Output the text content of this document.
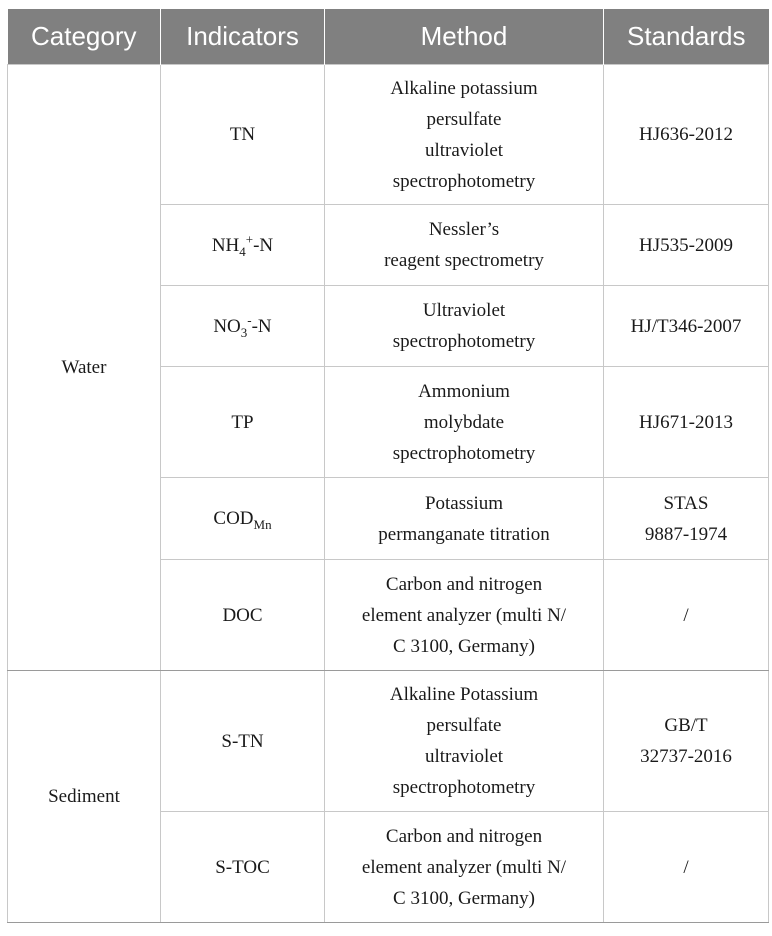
Category	Indicators	Method	Standards
Water	TN	Alkaline potassium
persulfate
ultraviolet
spectrophotometry	HJ636-2012

	$NH_4^+-N$	Nessler’s
reagent spectrometry	HJ535-2009

	$NO_3^--N$	Ultraviolet
spectrophotometry	HJ/T346-2007

	TP	Ammonium
molybdate
spectrophotometry	HJ671-2013

	$COD_{Mn}$	Potassium
permanganate titration	STAS
9887-1974

	DOC	Carbon and nitrogen
element analyzer (multi N/
C 3100, Germany)	/

Sediment	S-TN	Alkaline Potassium
persulfate
ultraviolet
spectrophotometry	GB/T
32737-2016

	S-TOC	Carbon and nitrogen
element analyzer (multi N/
C 3100, Germany)	/
